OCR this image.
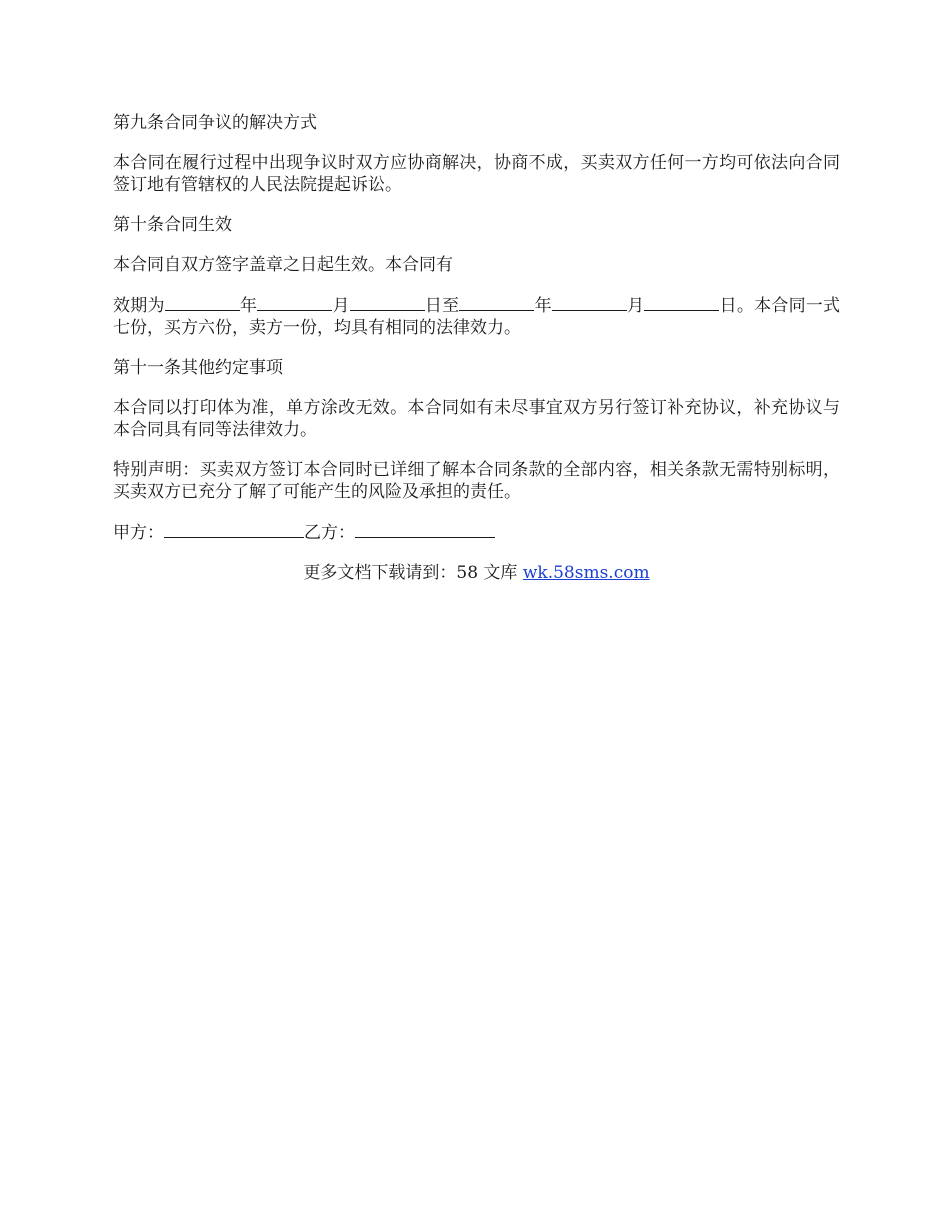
第九条合同争议的解决方式

本合同在履行过程中出现争议时双方应协商解决，协商不成，买卖双方任何一方均可依法向合同签订地有管辖权的人民法院提起诉讼。

第十条合同生效

本合同自双方签字盖章之日起生效。本合同有

效期为	年	月	日至	年	月	日。本合同一式七份，买方六份，卖方一份，均具有相同的法律效力。

第十一条其他约定事项

本合同以打印体为准，单方涂改无效。本合同如有未尽事宜双方另行签订补充协议，补充协议与本合同具有同等法律效力。

特别声明：买卖双方签订本合同时已详细了解本合同条款的全部内容，相关条款无需特别标明，买卖双方已充分了解了可能产生的风险及承担的责任。

甲方：	乙方：

更多文档下载请到：58 文库 wk.58sms.com
